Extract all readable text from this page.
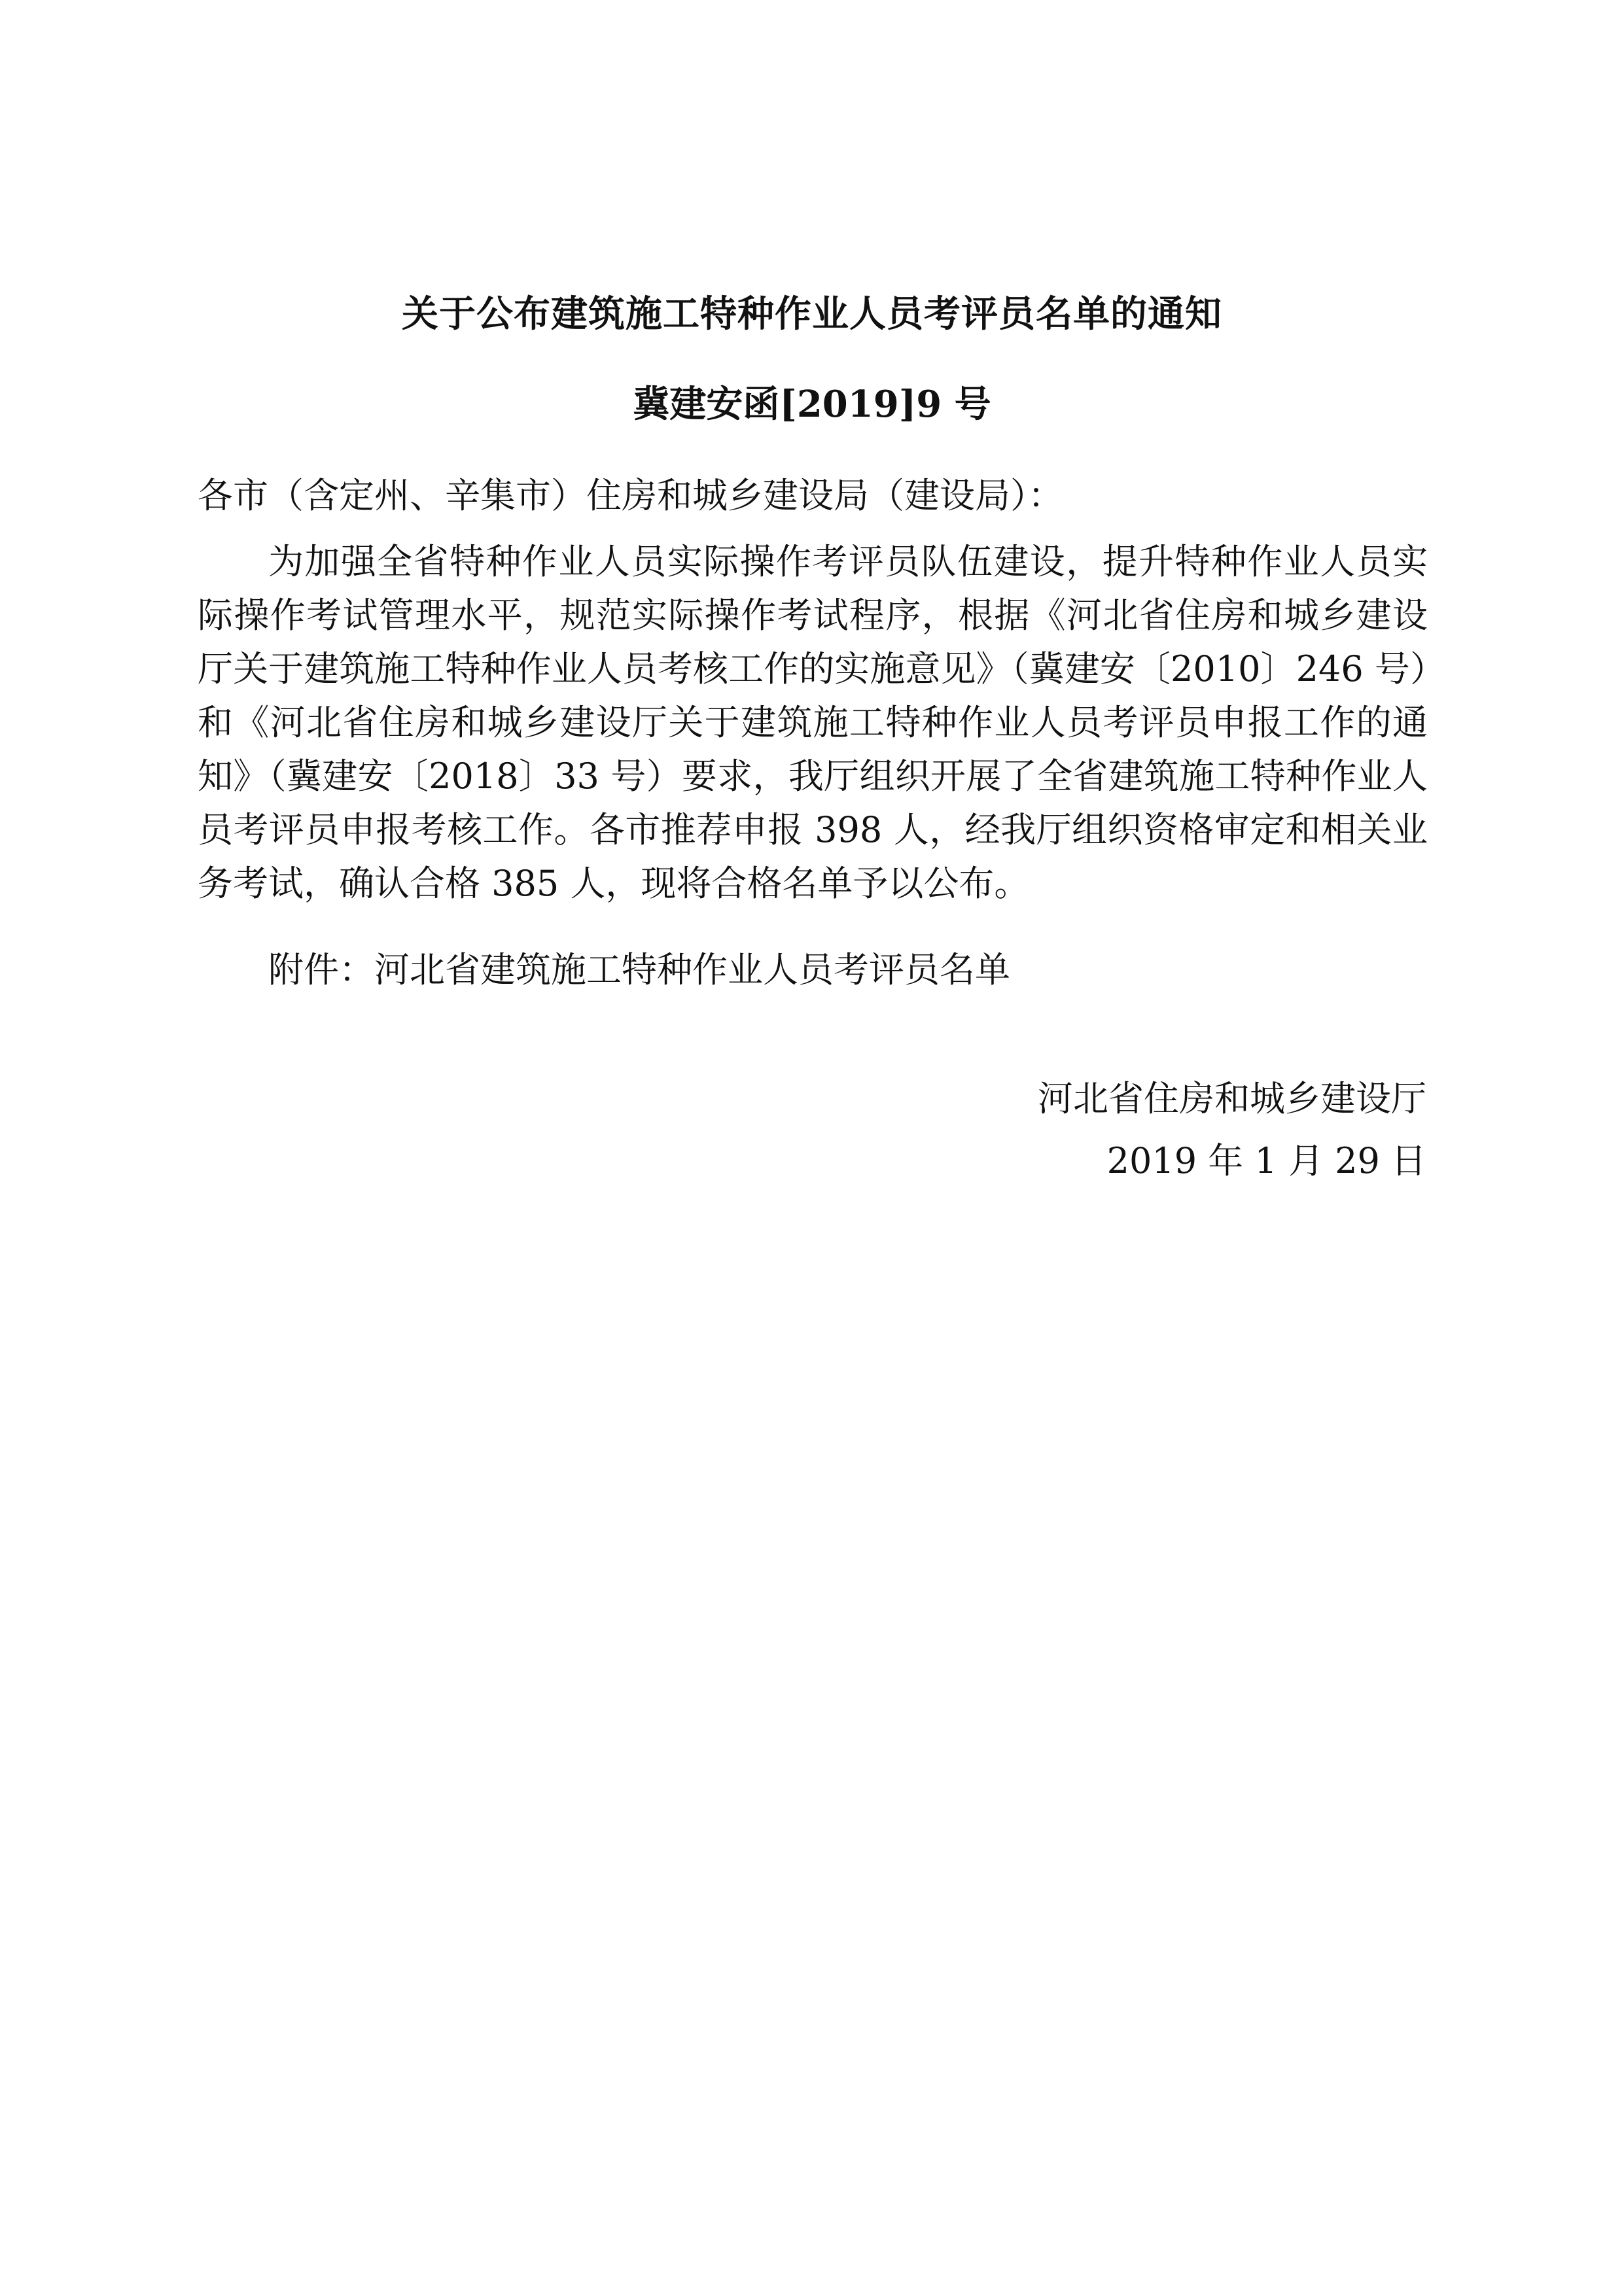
关于公布建筑施工特种作业人员考评员名单的通知
冀建安函[2019]9 号
各市（含定州、辛集市）住房和城乡建设局（建设局）：

为加强全省特种作业人员实际操作考评员队伍建设，提升特种作业人员实际操作考试管理水平，规范实际操作考试程序，根据《河北省住房和城乡建设厅关于建筑施工特种作业人员考核工作的实施意见》（冀建安〔2010〕246 号）和《河北省住房和城乡建设厅关于建筑施工特种作业人员考评员申报工作的通知》（冀建安〔2018〕33 号）要求，我厅组织开展了全省建筑施工特种作业人员考评员申报考核工作。各市推荐申报 398 人，经我厅组织资格审定和相关业务考试，确认合格 385 人，现将合格名单予以公布。

附件：河北省建筑施工特种作业人员考评员名单

河北省住房和城乡建设厅
2019 年 1 月 29 日
